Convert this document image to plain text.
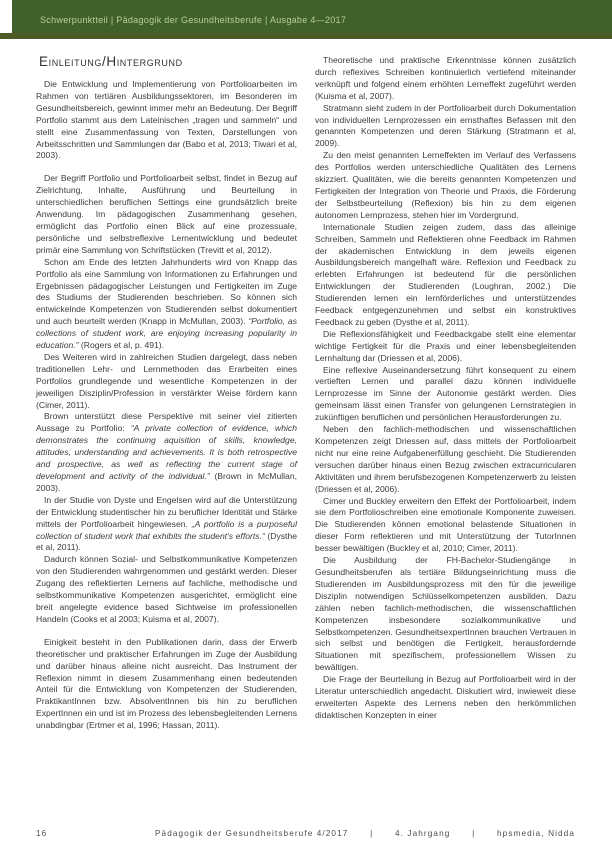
Schwerpunktteil | Pädagogik der Gesundheitsberufe | Ausgabe 4—2017
Einleitung/Hintergrund

Die Entwicklung und Implementierung von Portfolioarbeiten im Rahmen von tertiären Ausbildungssektoren, im Besonderen im Gesundheitsbereich, gewinnt immer mehr an Bedeutung. Der Begriff Portfolio stammt aus dem Lateinischen „tragen und sammeln“ und stellt eine Zusammenfassung von Texten, Darstellungen von Arbeitsschritten und Sammlungen dar (Babo et al, 2013; Tiwari et al, 2003).

Der Begriff Portfolio und Portfolioarbeit selbst, findet in Bezug auf Zielrichtung, Inhalte, Ausführung und Beurteilung in unterschiedlichen beruflichen Settings eine grundsätzlich breite Anwendung. Im pädagogischen Zusammenhang gesehen, ermöglicht das Portfolio einen Blick auf eine prozessuale, persönliche und selbstreflexive Lernentwicklung und bedeutet primär eine Sammlung von Schriftstücken (Trevitt et al, 2012).

Schon am Ende des letzten Jahrhunderts wird von Knapp das Portfolio als eine Sammlung von Informationen zu Erfahrungen und Ergebnissen pädagogischer Leistungen und Fertigkeiten im Zuge des Studiums der Studierenden beschrieben. So können sich entwickelnde Kompetenzen von Studierenden selbst dokumentiert und auch beurteilt werden (Knapp in McMullan, 2003). “Portfolio, as collections of student work, are enjoying increasing popularity in education.” (Rogers et al, p. 491).

Des Weiteren wird in zahlreichen Studien dargelegt, dass neben traditionellen Lehr- und Lernmethoden das Erarbeiten eines Portfolios grundlegende und wesentliche Kompetenzen in der jeweiligen Disziplin/Profession in verstärkter Weise fördern kann (Cimer, 2011).

Brown unterstützt diese Perspektive mit seiner viel zitierten Aussage zu Portfolio: “A private collection of evidence, which demonstrates the continuing aquisition of skills, knowledge, attitudes, understanding and achievements. It is both retrospective and prospective, as well as reflecting the current stage of development and activity of the individual.” (Brown in McMullan, 2003).

In der Studie von Dyste und Engelsen wird auf die Unterstützung der Entwicklung studentischer hin zu beruflicher Identität und Stärke mittels der Portfolioarbeit hingewiesen. „A portfolio is a purposeful collection of student work that exhibits the student's efforts.“ (Dysthe et al, 2011).

Dadurch können Sozial- und Selbstkommunikative Kompetenzen von den Studierenden wahrgenommen und gestärkt werden. Dieser Zugang des reflektierten Lernens auf fachliche, methodische und selbstkommunikative Kompetenzen ausgerichtet, ermöglicht eine breit angelegte evidence based Sichtweise im professionellen Handeln (Cooks et al 2003; Kuisma et al, 2007).

Einigkeit besteht in den Publikationen darin, dass der Erwerb theoretischer und praktischer Erfahrungen im Zuge der Ausbildung und darüber hinaus alleine nicht ausreicht. Das Instrument der Reflexion nimmt in diesem Zusammenhang einen bedeutenden Anteil für die Entwicklung von Kompetenzen der Studierenden, PraktikantInnen bzw. AbsolventInnen bis hin zu beruflichen ExpertInnen ein und ist im Prozess des lebensbegleitenden Lernens unabdingbar (Ertmer et al, 1996; Hassan, 2011).

Theoretische und praktische Erkenntnisse können zusätzlich durch reflexives Schreiben kontinuierlich vertiefend miteinander verknüpft und folgend einem erhöhten Lerneffekt zugeführt werden (Kuisma et al, 2007).

Stratmann sieht zudem in der Portfolioarbeit durch Dokumentation von individuellen Lernprozessen ein ernsthaftes Befassen mit den genannten Kompetenzen und deren Stärkung (Stratmann et al, 2009).

Zu den meist genannten Lerneffekten im Verlauf des Verfassens des Portfolios werden unterschiedliche Qualitäten des Lernens skizziert. Qualitäten, wie die bereits genannten Kompetenzen und Fertigkeiten der Integration von Theorie und Praxis, die Förderung der Selbstbeurteilung (Reflexion) bis hin zu dem eigenen autonomen Lernprozess, stehen hier im Vordergrund.

Internationale Studien zeigen zudem, dass das alleinige Schreiben, Sammeln und Reflektieren ohne Feedback im Rahmen der akademischen Entwicklung in dem jeweils eigenen Ausbildungsbereich mangelhaft wäre. Reflexion und Feedback zu erlebten Erfahrungen ist bedeutend für die persönlichen Entwicklungen der Studierenden (Loughran, 2002.) Die Studierenden lernen ein lernförderliches und unterstützendes Feedback entgegenzunehmen und selbst ein konstruktives Feedback zu geben (Dysthe et al, 2011).

Die Reflexionsfähigkeit und Feedbackgabe stellt eine elementar wichtige Fertigkeit für die Praxis und einer lebensbegleitenden Lernhaltung dar (Driessen et al, 2006).

Eine reflexive Auseinandersetzung führt konsequent zu einem vertieften Lernen und parallel dazu können individuelle Lernprozesse im Sinne der Autonomie gestärkt werden. Dies gemeinsam lässt einen Transfer von gelungenen Lernstrategien in zukünftigen beruflichen und persönlichen Herausforderungen zu.

Neben den fachlich-methodischen und wissenschaftlichen Kompetenzen zeigt Driessen auf, dass mittels der Portfolioarbeit nicht nur eine reine Aufgabenerfüllung geschieht. Die Studierenden versuchen darüber hinaus einen Bezug zwischen extracurricularen Aktivitäten und ihrem berufsbezogenen Kompetenzerwerb zu leisten (Driessen et al, 2006).

Cimer und Buckley erweitern den Effekt der Portfolioarbeit, indem sie dem Portfolioschreiben eine emotionale Komponente zuweisen. Die Studierenden können emotional belastende Situationen in dieser Form reflektieren und mit Unterstützung der TutorInnen besser bewältigen (Buckley et al, 2010; Cimer, 2011).

Die Ausbildung der FH-Bachelor-Studiengänge in Gesundheitsberufen als tertiäre Bildungseinrichtung muss die Studierenden im Ausbildungsprozess mit den für die jeweilige Disziplin notwendigen Schlüsselkompetenzen ausbilden. Dazu zählen neben fachlich-methodischen, die wissenschaftlichen Kompetenzen insbesondere sozialkommunikative und Selbstkompetenzen. GesundheitsexpertInnen brauchen Vertrauen in sich selbst und benötigen die Fertigkeit, herausfordernde Situationen mit spezifischem, professionellem Wissen zu bewältigen.

Die Frage der Beurteilung in Bezug auf Portfolioarbeit wird in der Literatur unterschiedlich angedacht. Diskutiert wird, inwieweit diese erweiterten Aspekte des Lernens neben den herkömmlichen didaktischen Konzepten in einer

16	Pädagogik der Gesundheitsberufe 4/2017	|	4. Jahrgang	|	hpsmedia, Nidda
